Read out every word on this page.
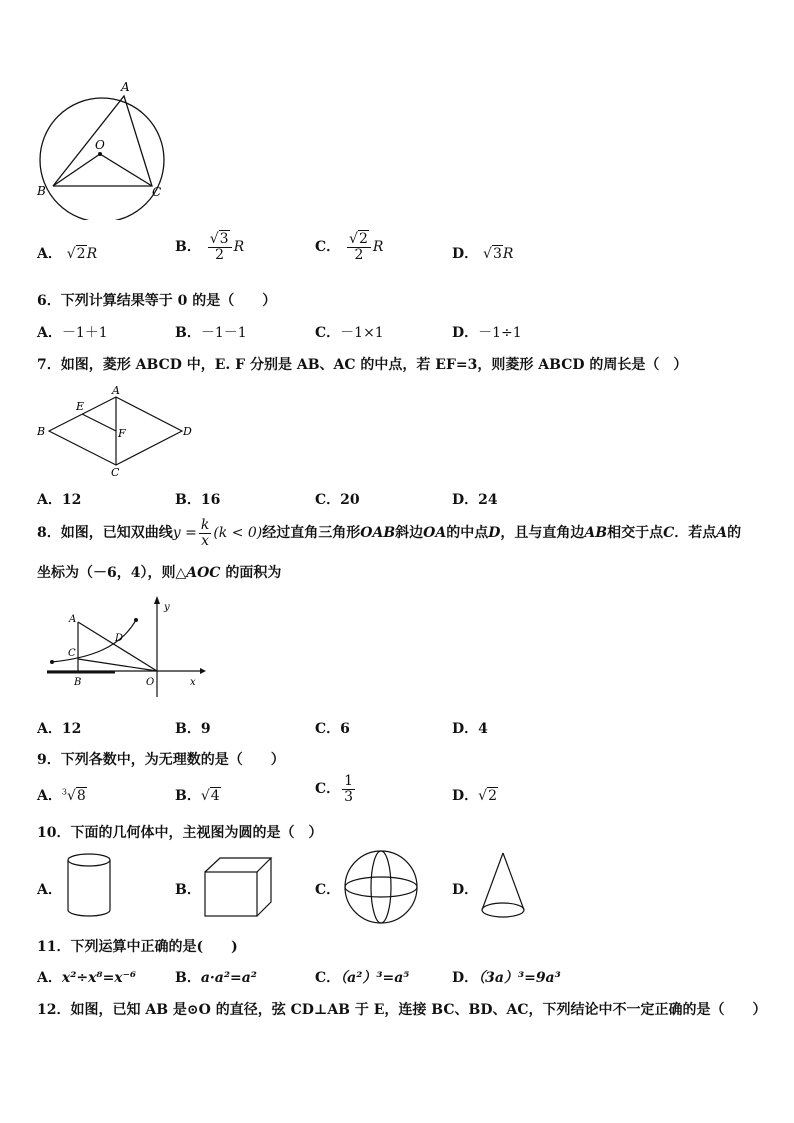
A
O
B	C
A． √2R	B． $\frac{√3}{2}$ R	C． $\frac{√2}{2}$ R	D． √3R
6．下列计算结果等于 0 的是（　　）
A．－1＋1	B．－1－1	C．－1×1	D．－1÷1
7．如图，菱形 ABCD 中，E. F 分别是 AB、AC 的中点，若 EF=3，则菱形 ABCD 的周长是（　）
A
E
B	F	D
C
A．12	B．16	C．20	D．24
8．如图，已知双曲线$y = \frac{k}{x} (k < 0)$经过直角三角形OAB斜边OA的中点D，且与直角边AB相交于点C．若点A的
坐标为（－6，4），则△AOC 的面积为
A
D
C
B	O	x
y
A．12	B．9	C．6	D．4
9．下列各数中，为无理数的是（　　）
A．$^3$√8	B．√4	C． $\frac{1}{3}$	D．√2
10．下面的几何体中，主视图为圆的是（　）
A．	B．	C．	D．
11．下列运算中正确的是(　　)
A．x²÷x⁸=x⁻⁶	B．a·a²=a²	C．（a²）³=a⁵	D．（3a）³=9a³
12．如图，已知 AB 是⊙O 的直径，弦 CD⊥AB 于 E，连接 BC、BD、AC，下列结论中不一定正确的是（　　）
